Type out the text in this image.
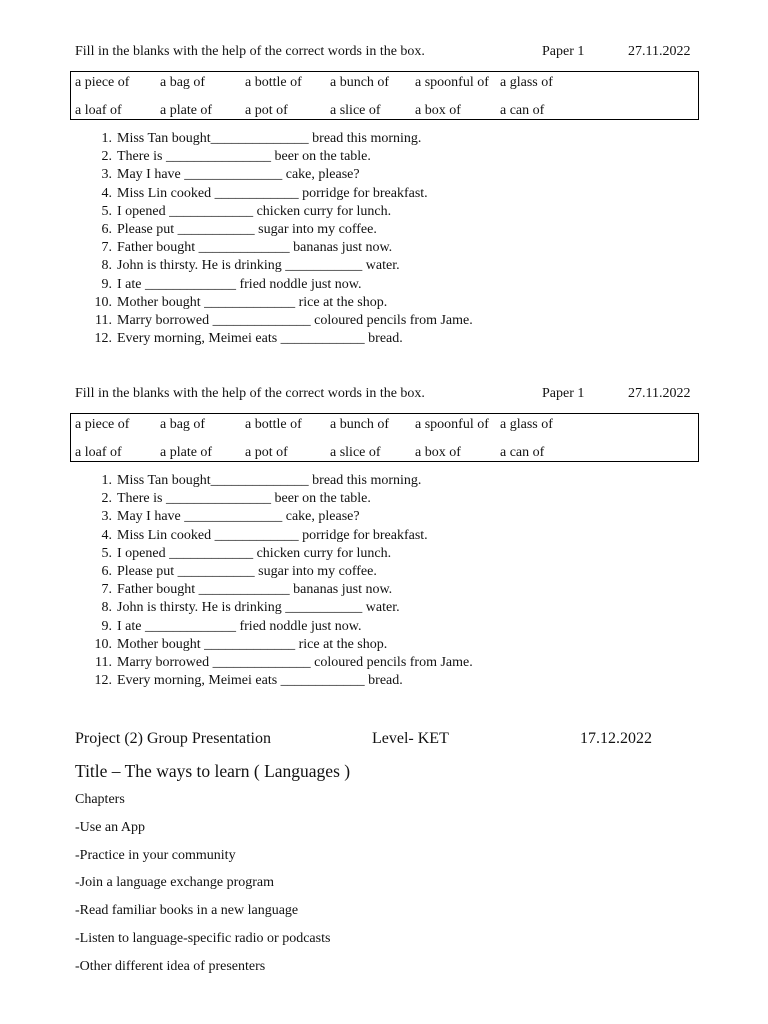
Fill in the blanks with the help of the correct words in the box.	Paper 1	27.11.2022
a piece of a bag of	a bottle of a bunch of a spoonful of a glass of
a loaf of	a plate of a pot of	a slice of a box of	a can of
1. Miss Tan bought______________ bread this morning.
2. There is _______________ beer on the table.
3. May I have ______________ cake, please?
4. Miss Lin cooked ____________ porridge for breakfast.
5. I opened ____________ chicken curry for lunch.
6. Please put ___________ sugar into my coffee.
7. Father bought _____________ bananas just now.
8. John is thirsty. He is drinking ___________ water.
9. I ate _____________ fried noddle just now.
10. Mother bought _____________ rice at the shop.
11. Marry borrowed ______________ coloured pencils from Jame.
12. Every morning, Meimei eats ____________ bread.
Fill in the blanks with the help of the correct words in the box.	Paper 1	27.11.2022
a piece of a bag of	a bottle of a bunch of a spoonful of a glass of
a loaf of	a plate of a pot of	a slice of a box of	a can of
1. Miss Tan bought______________ bread this morning.
2. There is _______________ beer on the table.
3. May I have ______________ cake, please?
4. Miss Lin cooked ____________ porridge for breakfast.
5. I opened ____________ chicken curry for lunch.
6. Please put ___________ sugar into my coffee.
7. Father bought _____________ bananas just now.
8. John is thirsty. He is drinking ___________ water.
9. I ate _____________ fried noddle just now.
10. Mother bought _____________ rice at the shop.
11. Marry borrowed ______________ coloured pencils from Jame.
12. Every morning, Meimei eats ____________ bread.
Project (2) Group Presentation	Level- KET	17.12.2022
Title – The ways to learn ( Languages )
Chapters
-Use an App
-Practice in your community
-Join a language exchange program
-Read familiar books in a new language
-Listen to language-specific radio or podcasts
-Other different idea of presenters
